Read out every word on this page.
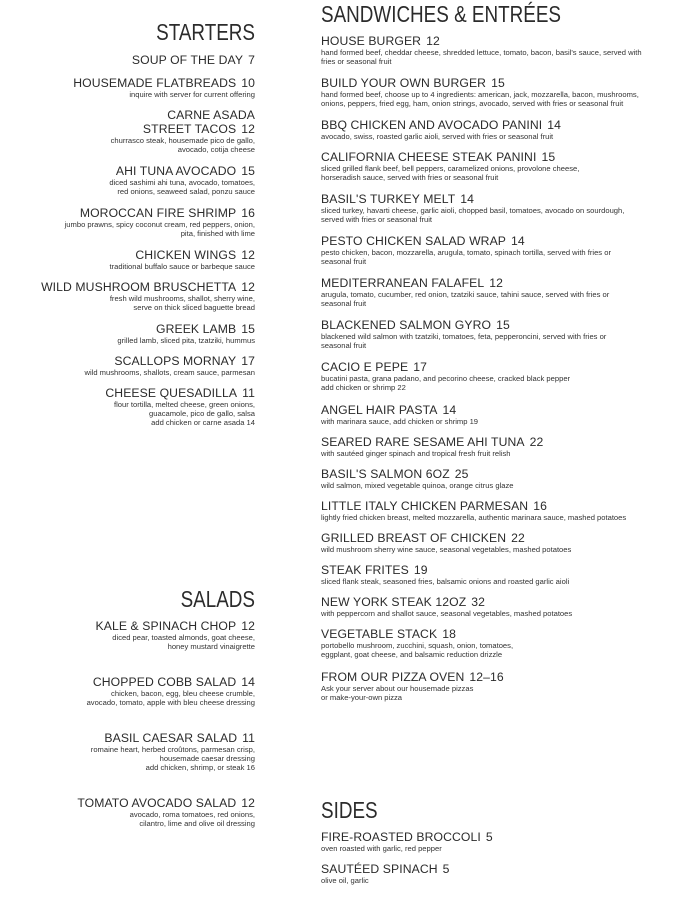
STARTERS
SOUP OF THE DAY 7
HOUSEMADE FLATBREADS 10
inquire with server for current offering
CARNE ASADA
STREET TACOS 12
churrasco steak, housemade pico de gallo,
avocado, cotija cheese
AHI TUNA AVOCADO 15
diced sashimi ahi tuna, avocado, tomatoes,
red onions, seaweed salad, ponzu sauce
MOROCCAN FIRE SHRIMP 16
jumbo prawns, spicy coconut cream, red peppers, onion,
pita, finished with lime
CHICKEN WINGS 12
traditional buffalo sauce or barbeque sauce
WILD MUSHROOM BRUSCHETTA 12
fresh wild mushrooms, shallot, sherry wine,
serve on thick sliced baguette bread
GREEK LAMB 15
grilled lamb, sliced pita, tzatziki, hummus
SCALLOPS MORNAY 17
wild mushrooms, shallots, cream sauce, parmesan
CHEESE QUESADILLA 11
flour tortilla, melted cheese, green onions,
guacamole, pico de gallo, salsa
add chicken or carne asada 14
SALADS
KALE & SPINACH CHOP 12
diced pear, toasted almonds, goat cheese,
honey mustard vinaigrette
CHOPPED COBB SALAD 14
chicken, bacon, egg, bleu cheese crumble,
avocado, tomato, apple with bleu cheese dressing
BASIL CAESAR SALAD 11
romaine heart, herbed croûtons, parmesan crisp,
housemade caesar dressing
add chicken, shrimp, or steak 16
TOMATO AVOCADO SALAD 12
avocado, roma tomatoes, red onions,
cilantro, lime and olive oil dressing
SANDWICHES & ENTRÉES
HOUSE BURGER 12
hand formed beef, cheddar cheese, shredded lettuce, tomato, bacon, basil's sauce, served with
fries or seasonal fruit
BUILD YOUR OWN BURGER 15
hand formed beef, choose up to 4 ingredients: american, jack, mozzarella, bacon, mushrooms,
onions, peppers, fried egg, ham, onion strings, avocado, served with fries or seasonal fruit
BBQ CHICKEN AND AVOCADO PANINI 14
avocado, swiss, roasted garlic aioli, served with fries or seasonal fruit
CALIFORNIA CHEESE STEAK PANINI 15
sliced grilled flank beef, bell peppers, caramelized onions, provolone cheese,
horseradish sauce, served with fries or seasonal fruit
BASIL'S TURKEY MELT 14
sliced turkey, havarti cheese, garlic aioli, chopped basil, tomatoes, avocado on sourdough,
served with fries or seasonal fruit
PESTO CHICKEN SALAD WRAP 14
pesto chicken, bacon, mozzarella, arugula, tomato, spinach tortilla, served with fries or
seasonal fruit
MEDITERRANEAN FALAFEL 12
arugula, tomato, cucumber, red onion, tzatziki sauce, tahini sauce, served with fries or
seasonal fruit
BLACKENED SALMON GYRO 15
blackened wild salmon with tzatziki, tomatoes, feta, pepperoncini, served with fries or
seasonal fruit
CACIO E PEPE 17
bucatini pasta, grana padano, and pecorino cheese, cracked black pepper
add chicken or shrimp 22
ANGEL HAIR PASTA 14
with marinara sauce, add chicken or shrimp 19
SEARED RARE SESAME AHI TUNA 22
with sautéed ginger spinach and tropical fresh fruit relish
BASIL'S SALMON 6OZ 25
wild salmon, mixed vegetable quinoa, orange citrus glaze
LITTLE ITALY CHICKEN PARMESAN 16
lightly fried chicken breast, melted mozzarella, authentic marinara sauce, mashed potatoes
GRILLED BREAST OF CHICKEN 22
wild mushroom sherry wine sauce, seasonal vegetables, mashed potatoes
STEAK FRITES 19
sliced flank steak, seasoned fries, balsamic onions and roasted garlic aioli
NEW YORK STEAK 12OZ 32
with peppercorn and shallot sauce, seasonal vegetables, mashed potatoes
VEGETABLE STACK 18
portobello mushroom, zucchini, squash, onion, tomatoes,
eggplant, goat cheese, and balsamic reduction drizzle
FROM OUR PIZZA OVEN 12–16
Ask your server about our housemade pizzas
or make-your-own pizza
SIDES
FIRE-ROASTED BROCCOLI 5
oven roasted with garlic, red pepper
SAUTÉED SPINACH 5
olive oil, garlic
